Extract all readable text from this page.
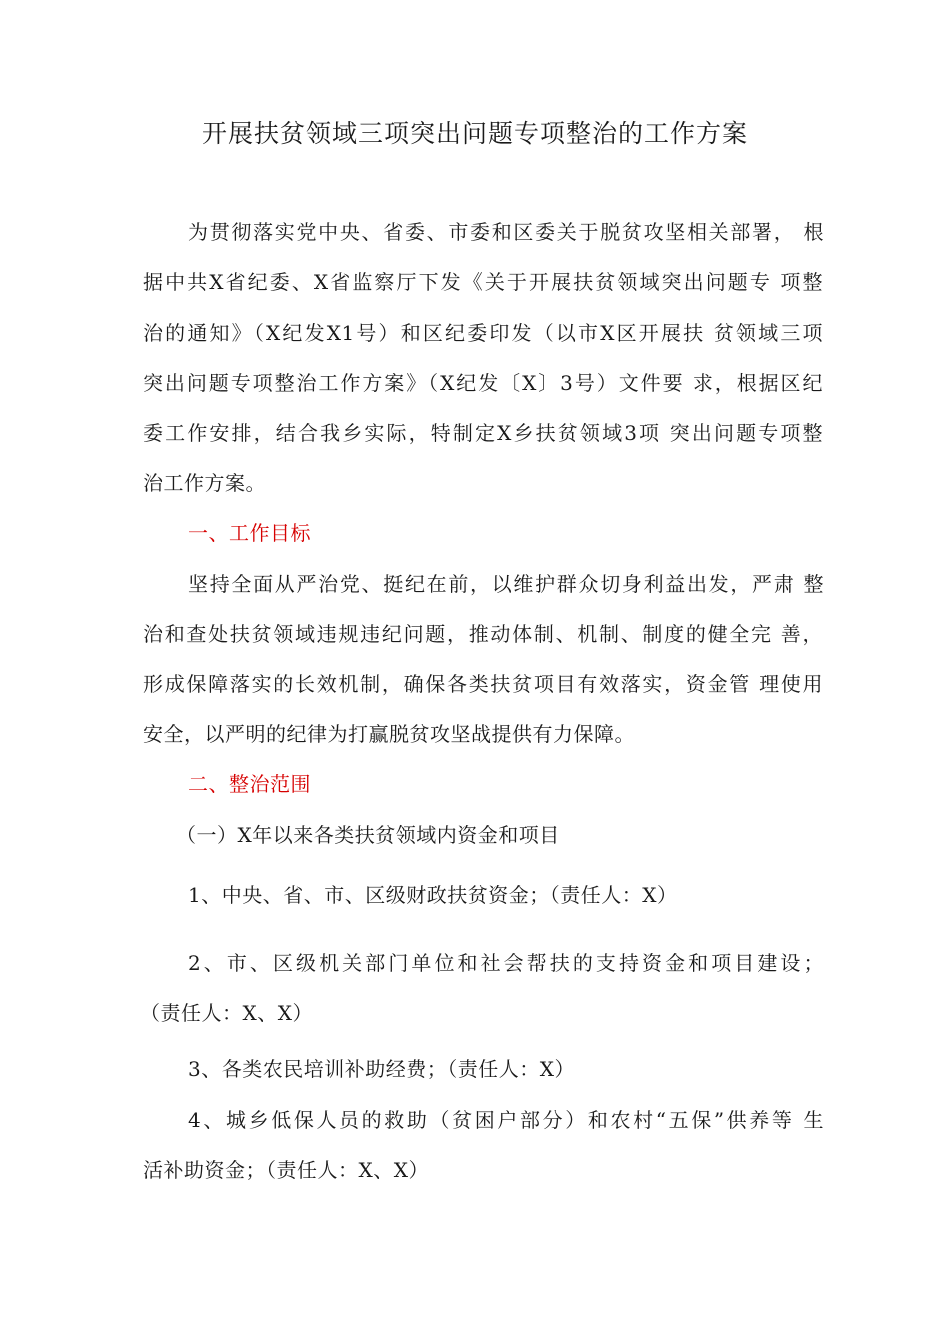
开展扶贫领域三项突出问题专项整治的工作方案
为贯彻落实党中央、省委、市委和区委关于脱贫攻坚相关部署， 根
据中共X省纪委、X省监察厅下发《关于开展扶贫领域突出问题专 项整
治的通知》（X纪发X1号）和区纪委印发（以市X区开展扶 贫领域三项
突出问题专项整治工作方案》（X纪发〔X〕3号）文件要 求，根据区纪
委工作安排，结合我乡实际，特制定X乡扶贫领域3项 突出问题专项整
治工作方案。
一、工作目标
坚持全面从严治党、挺纪在前，以维护群众切身利益出发，严肃 整
治和查处扶贫领域违规违纪问题，推动体制、机制、制度的健全完 善，
形成保障落实的长效机制，确保各类扶贫项目有效落实，资金管 理使用
安全，以严明的纪律为打赢脱贫攻坚战提供有力保障。
二、整治范围
（一）X年以来各类扶贫领域内资金和项目
1、中央、省、市、区级财政扶贫资金；（责任人：X）
2、市、区级机关部门单位和社会帮扶的支持资金和项目建设；
（责任人：X、X）
3、各类农民培训补助经费；（责任人：X）
4、城乡低保人员的救助（贫困户部分）和农村“五保”供养等 生
活补助资金；（责任人：X、X）
